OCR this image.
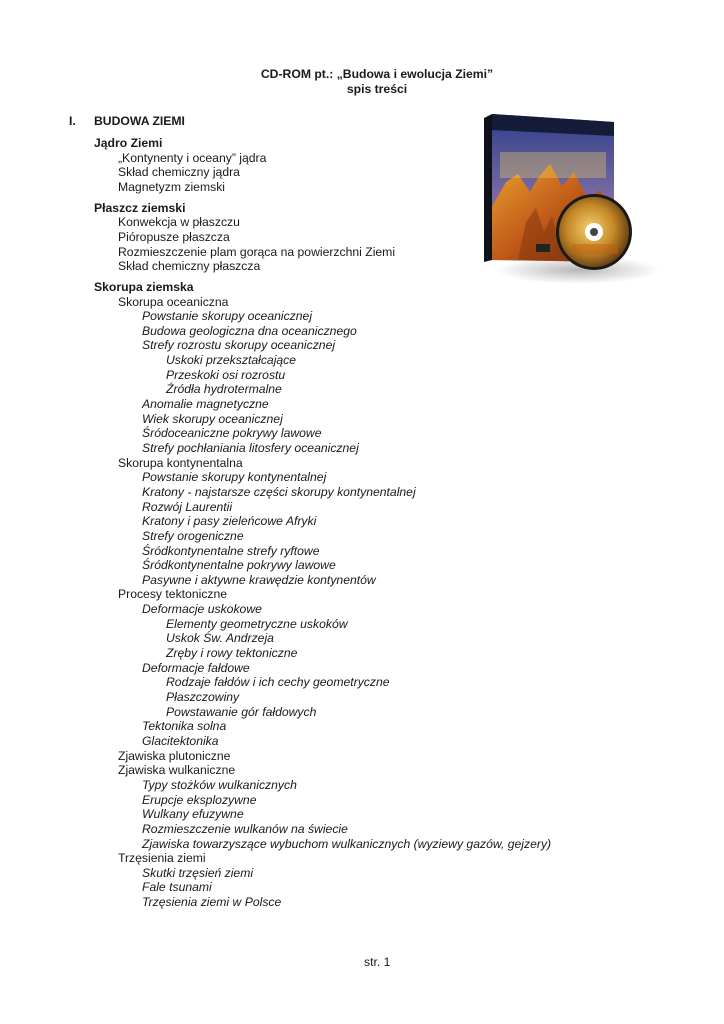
CD-ROM pt.: „Budowa i ewolucja Ziemi”
spis treści
I. BUDOWA ZIEMI
Jądro Ziemi
„Kontynenty i oceany” jądra
Skład chemiczny jądra
Magnetyzm ziemski
Płaszcz ziemski
Konwekcja w płaszczu
Pióropusze płaszcza
Rozmieszczenie plam gorąca na powierzchni Ziemi
Skład chemiczny płaszcza
Skorupa ziemska
Skorupa oceaniczna
Powstanie skorupy oceanicznej
Budowa geologiczna dna oceanicznego
Strefy rozrostu skorupy oceanicznej
Uskoki przekształcające
Przeskoki osi rozrostu
Źródła hydrotermalne
Anomalie magnetyczne
Wiek skorupy oceanicznej
Śródoceaniczne pokrywy lawowe
Strefy pochłaniania litosfery oceanicznej
Skorupa kontynentalna
Powstanie skorupy kontynentalnej
Kratony - najstarsze części skorupy kontynentalnej
Rozwój Laurentii
Kratony i pasy zieleńcowe Afryki
Strefy orogeniczne
Śródkontynentalne strefy ryftowe
Śródkontynentalne pokrywy lawowe
Pasywne i aktywne krawędzie kontynentów
Procesy tektoniczne
Deformacje uskokowe
Elementy geometryczne uskoków
Uskok Św. Andrzeja
Zręby i rowy tektoniczne
Deformacje fałdowe
Rodzaje fałdów i ich cechy geometryczne
Płaszczowiny
Powstawanie gór fałdowych
Tektonika solna
Glacitektonika
Zjawiska plutoniczne
Zjawiska wulkaniczne
Typy stożków wulkanicznych
Erupcje eksplozywne
Wulkany efuzywne
Rozmieszczenie wulkanów na świecie
Zjawiska towarzyszące wybuchom wulkanicznych (wyziewy gazów, gejzery)
Trzęsienia ziemi
Skutki trzęsień ziemi
Fale tsunami
Trzęsienia ziemi w Polsce
str. 1
